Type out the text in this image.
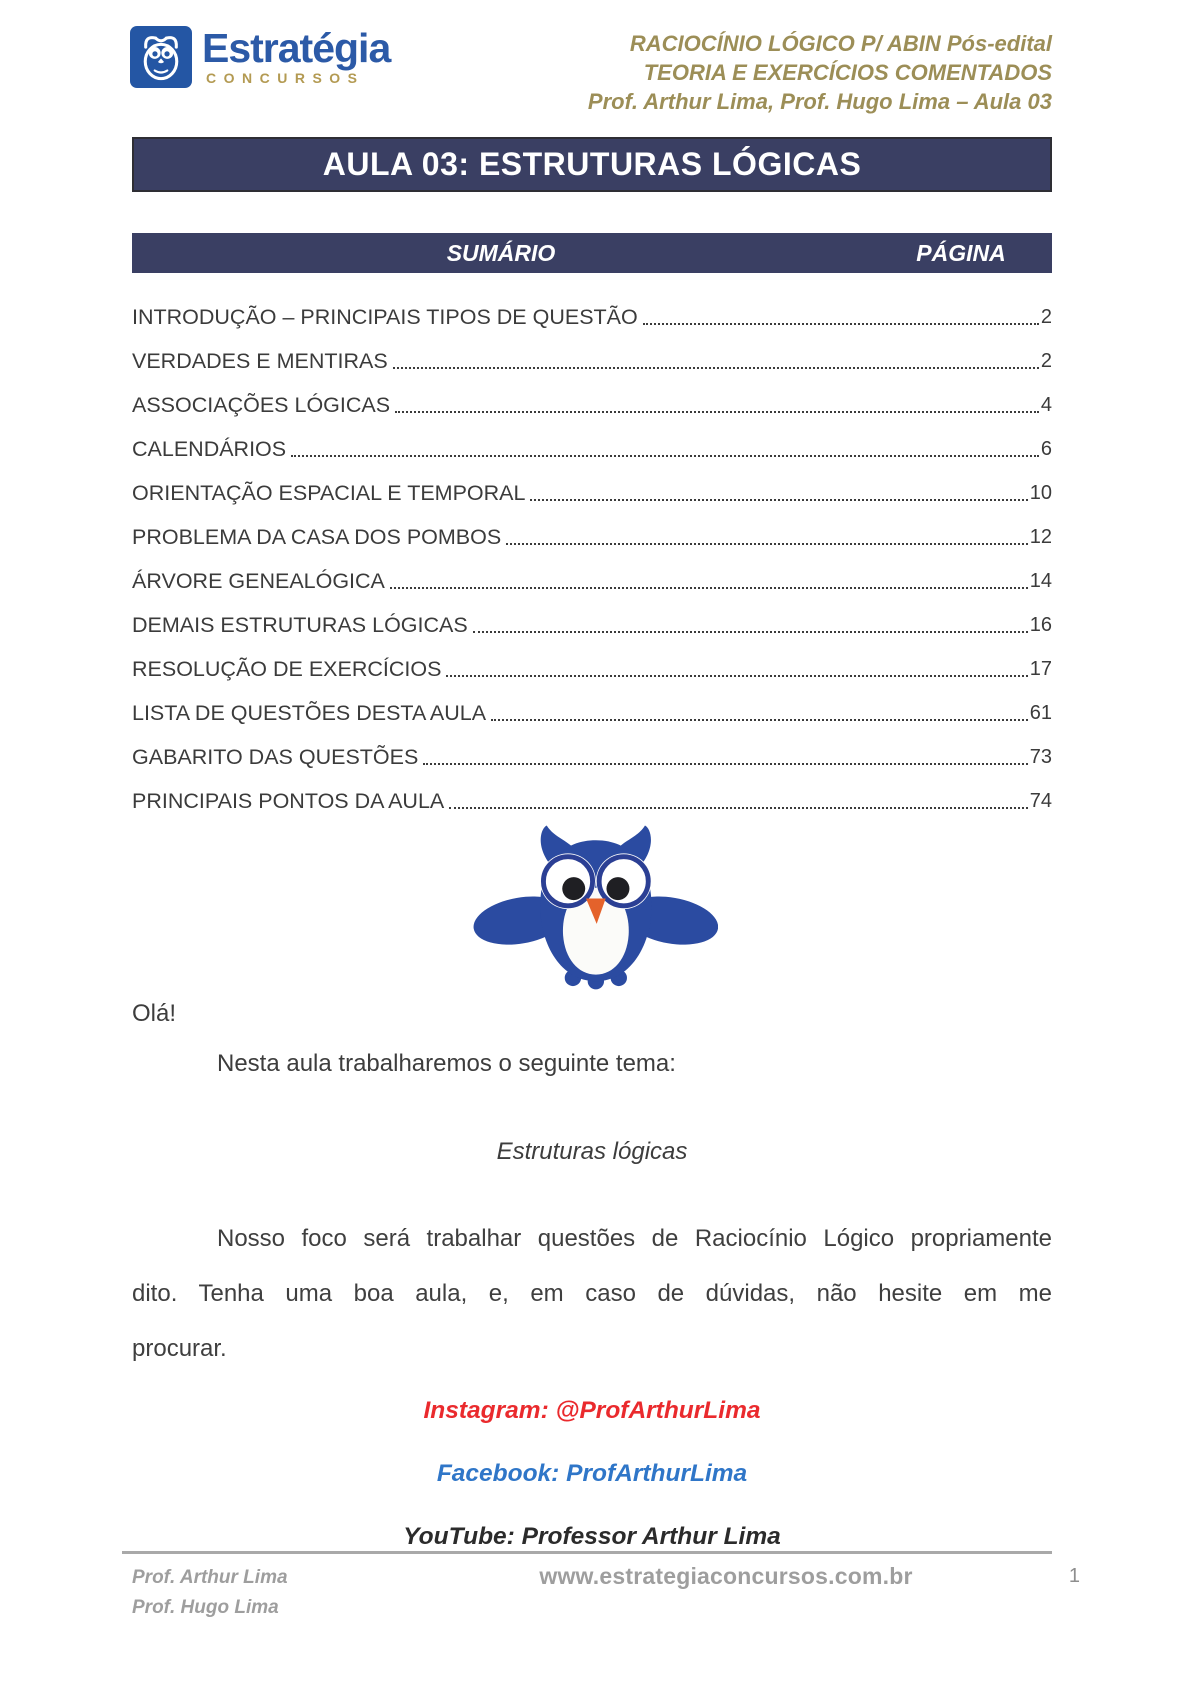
Estratégia
CONCURSOS
RACIOCÍNIO LÓGICO P/ ABIN Pós-edital
TEORIA E EXERCÍCIOS COMENTADOS
Prof. Arthur Lima, Prof. Hugo Lima – Aula 03
AULA 03: ESTRUTURAS LÓGICAS
SUMÁRIO	PÁGINA
INTRODUÇÃO – PRINCIPAIS TIPOS DE QUESTÃO	2
VERDADES E MENTIRAS	2
ASSOCIAÇÕES LÓGICAS	4
CALENDÁRIOS	6
ORIENTAÇÃO ESPACIAL E TEMPORAL	10
PROBLEMA DA CASA DOS POMBOS	12
ÁRVORE GENEALÓGICA	14
DEMAIS ESTRUTURAS LÓGICAS	16
RESOLUÇÃO DE EXERCÍCIOS	17
LISTA DE QUESTÕES DESTA AULA	61
GABARITO DAS QUESTÕES	73
PRINCIPAIS PONTOS DA AULA	74

Olá!

Nesta aula trabalharemos o seguinte tema:

Estruturas lógicas

Nosso foco será trabalhar questões de Raciocínio Lógico propriamente dito. Tenha uma boa aula, e, em caso de dúvidas, não hesite em me procurar.

Instagram: @ProfArthurLima

Facebook: ProfArthurLima

YouTube: Professor Arthur Lima

Prof. Arthur Lima
Prof. Hugo Lima
www.estrategiaconcursos.com.br	1
